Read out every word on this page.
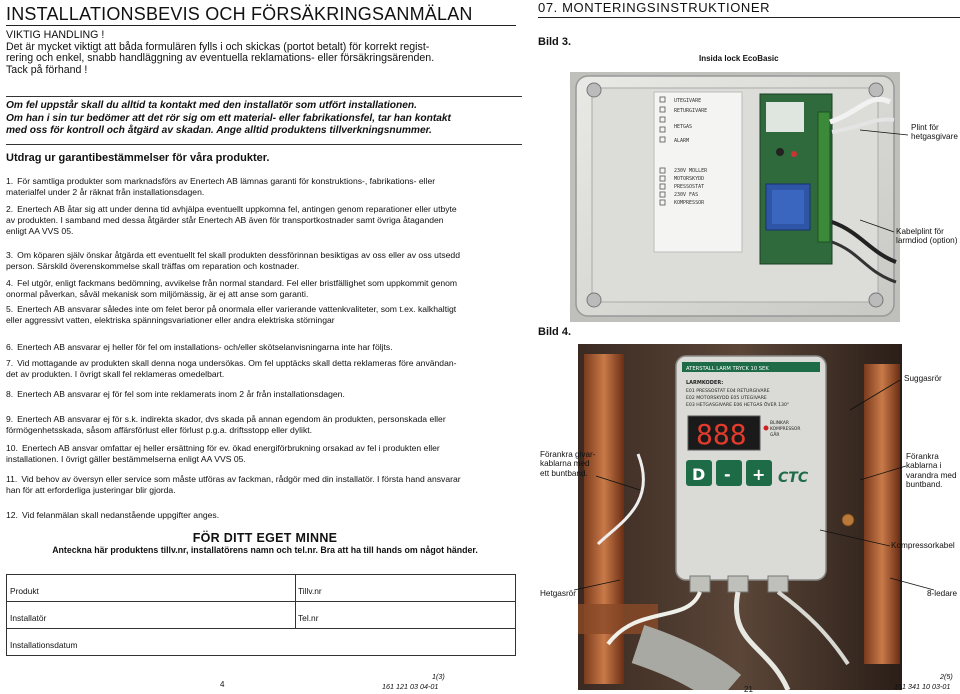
INSTALLATIONSBEVIS OCH FÖRSÄKRINGSANMÄLAN
VIKTIG HANDLING !
Det är mycket viktigt att båda formulären fylls i och skickas (portot betalt) för korrekt regist-
rering och enkel, snabb handläggning av eventuella reklamations- eller försäkringsärenden.
Tack på förhand !

Om fel uppstår skall du alltid ta kontakt med den installatör som utfört installationen.

Om han i sin tur bedömer att det rör sig om ett material- eller fabrikationsfel, tar han kontakt

med oss för kontroll och åtgärd av skadan. Ange alltid produktens tillverkningsnummer.

Utdrag ur garantibestämmelser för våra produkter.
1. För samtliga produkter som marknadsförs av Enertech AB lämnas garanti för konstruktions-, fabrikations- eller
materialfel under 2 år räknat från installationsdagen.
2. Enertech AB åtar sig att under denna tid avhjälpa eventuellt uppkomna fel, antingen genom reparationer eller utbyte
av produkten. I samband med dessa åtgärder står Enertech AB även för transportkostnader samt övriga åtaganden
enligt AA VVS 05.
3. Om köparen själv önskar åtgärda ett eventuellt fel skall produkten dessförinnan besiktigas av oss eller av oss utsedd
person. Särskild överenskommelse skall träffas om reparation och kostnader.
4. Fel utgör, enligt fackmans bedömning, avvikelse från normal standard. Fel eller bristfällighet som uppkommit genom
onormal påverkan, såväl mekanisk som miljömässig, är ej att anse som garanti.
5. Enertech AB ansvarar således inte om felet beror på onormala eller varierande vattenkvaliteter, som t.ex. kalkhaltigt
eller aggressivt vatten, elektriska spänningsvariationer eller andra elektriska störningar
6. Enertech AB ansvarar ej heller för fel om installations- och/eller skötselanvisningarna inte har följts.
7. Vid mottagande av produkten skall denna noga undersökas. Om fel upptäcks skall detta reklameras före användan-
det av produkten. I övrigt skall fel reklameras omedelbart.
8. Enertech AB ansvarar ej för fel som inte reklamerats inom 2 år från installationsdagen.
9. Enertech AB ansvarar ej för s.k. indirekta skador, dvs skada på annan egendom än produkten, personskada eller
förmögenhetsskada, såsom affärsförlust eller förlust p.g.a. driftsstopp eller dylikt.
10. Enertech AB ansvar omfattar ej heller ersättning för ev. ökad energiförbrukning orsakad av fel i produkten eller
installationen. I övrigt gäller bestämmelserna enligt AA VVS 05.
11. Vid behov av översyn eller service som måste utföras av fackman, rådgör med din installatör. I första hand ansvarar
han för att erforderliga justeringar blir gjorda.
12. Vid felanmälan skall nedanstående uppgifter anges.
FÖR DITT EGET MINNE
Anteckna här produktens tillv.nr, installatörens namn och tel.nr. Bra att ha till hands om något händer.
Produkt	Tillv.nr
Installatör	Tel.nr
Installationsdatum
4
1(3)
161 121 03 04-01
07. MONTERINGSINSTRUKTIONER
Bild 3.
Insida lock EcoBasic
UTEGIVARE
RETURGIVARE
HETGAS
ALARM
230V MOLLER
MOTORSKYDD
PRESSOSTAT
230V FAS
KOMPRESSOR
Plint för
hetgasgivare
Kabelplint för
larmdiod (option)
Bild 4.
ATERSTALL LARM TRYCK 10 SEK
LARMKODER:
E01 PRESSOSTAT E04 RETURGIVARE
E02 MOTORSKYDD E05 UTEGIVARE
E03 HETGASGIVARE E06 HETGAS ÖVER 130°
888	BLINKAR
KOMPRESSOR
GÅR
D - + CTC
Suggasrör
Förankra givar-
kablarna med
ett buntband.
Förankra
kablarna i
varandra med
buntband.
Kompressorkabel
Hetgasrör	8-ledare
21
2(5)
161 341 10 03-01
